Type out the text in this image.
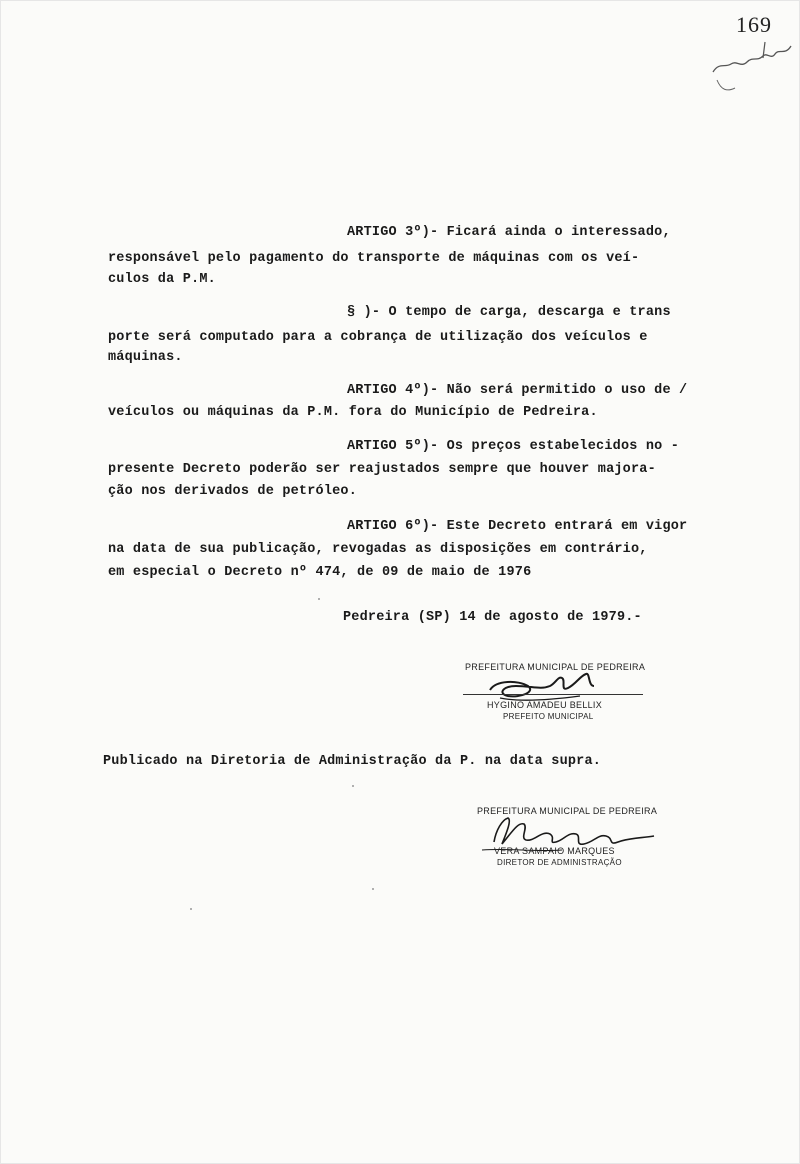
169
ARTIGO 3º)- Ficará ainda o interessado,
responsável pelo pagamento do transporte de máquinas com os veí-
culos da P.M.
§ )- O tempo de carga, descarga e trans
porte será computado para a cobrança de utilização dos veículos e
máquinas.
ARTIGO 4º)- Não será permitido o uso de /
veículos ou máquinas da P.M. fora do Município de Pedreira.
ARTIGO 5º)- Os preços estabelecidos no -
presente Decreto poderão ser reajustados sempre que houver majora-
ção nos derivados de petróleo.
ARTIGO 6º)- Este Decreto entrará em vigor
na data de sua publicação, revogadas as disposições em contrário,
em especial o Decreto nº 474, de 09 de maio de 1976
Pedreira (SP) 14 de agosto de 1979.-
PREFEITURA MUNICIPAL DE PEDREIRA
HYGINO AMADEU BELLIX
PREFEITO MUNICIPAL
Publicado na Diretoria de Administração da P. na data supra.
PREFEITURA MUNICIPAL DE PEDREIRA
VERA SAMPAIO MARQUES
DIRETOR DE ADMINISTRAÇÃO
